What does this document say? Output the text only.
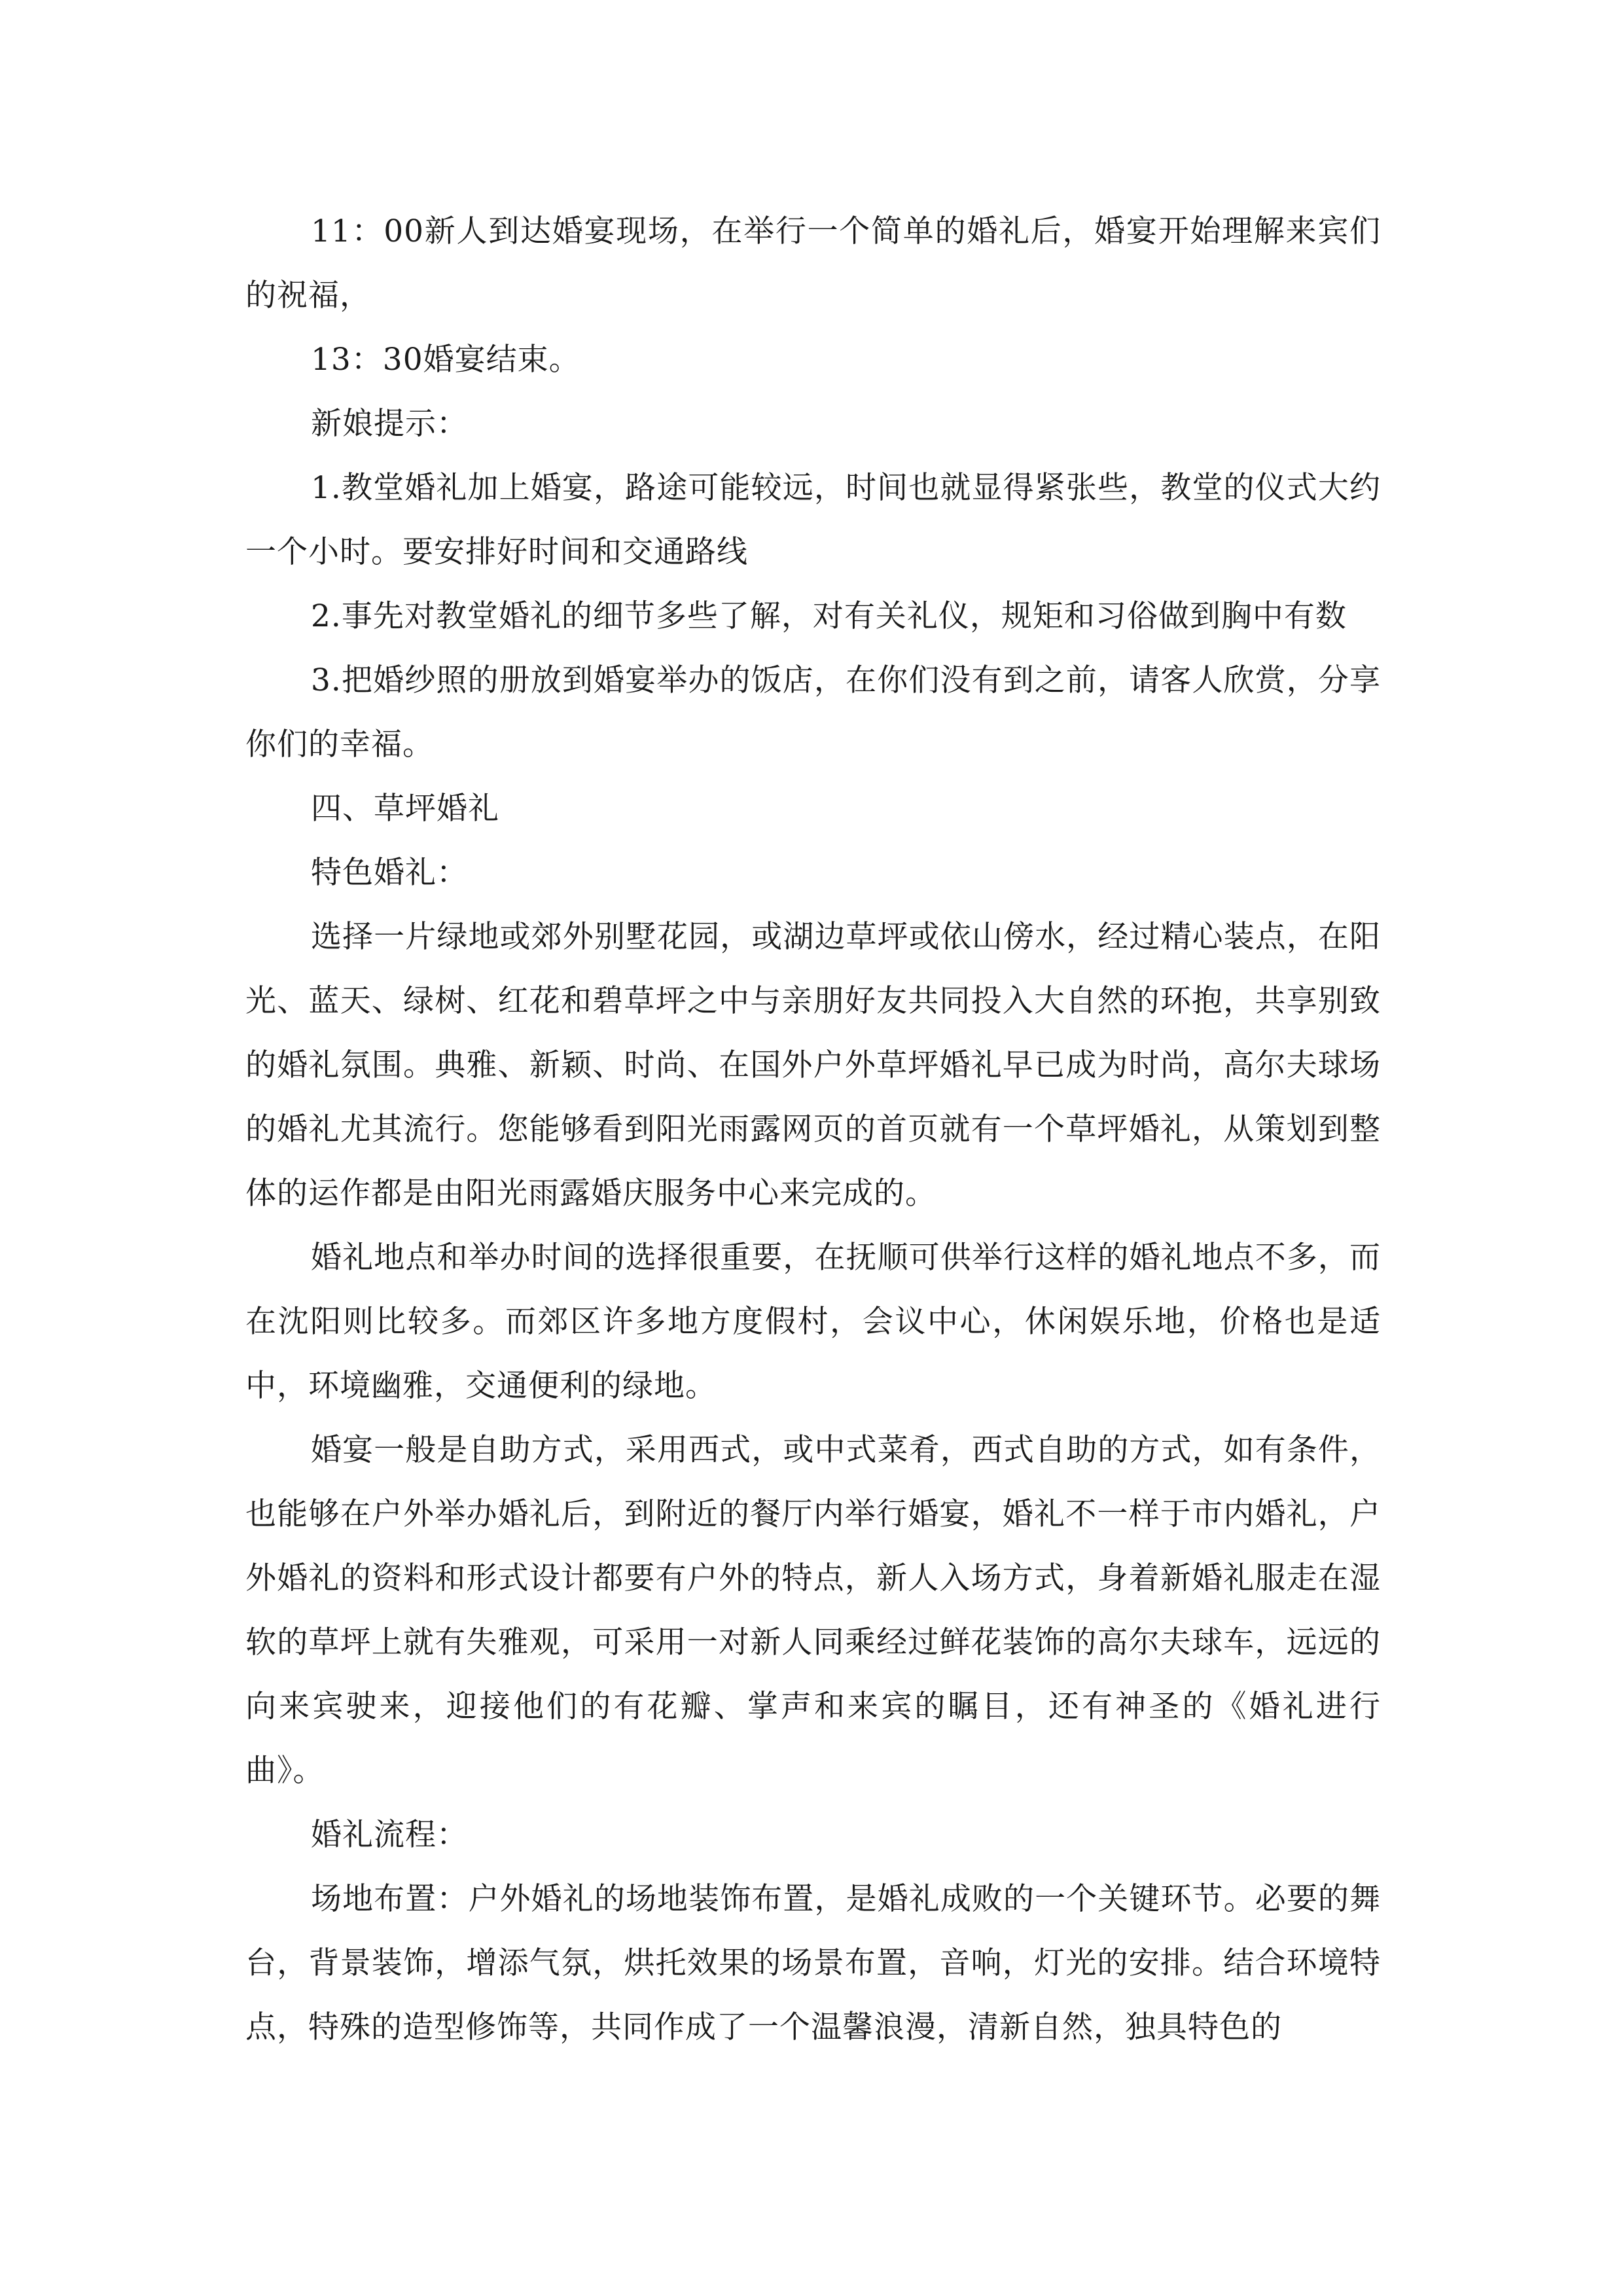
11：00新人到达婚宴现场，在举行一个简单的婚礼后，婚宴开始理解来宾们的祝福，

13：30婚宴结束。

新娘提示：

1.教堂婚礼加上婚宴，路途可能较远，时间也就显得紧张些，教堂的仪式大约一个小时。要安排好时间和交通路线

2.事先对教堂婚礼的细节多些了解，对有关礼仪，规矩和习俗做到胸中有数

3.把婚纱照的册放到婚宴举办的饭店，在你们没有到之前，请客人欣赏，分享你们的幸福。

四、草坪婚礼

特色婚礼：

选择一片绿地或郊外别墅花园，或湖边草坪或依山傍水，经过精心装点，在阳光、蓝天、绿树、红花和碧草坪之中与亲朋好友共同投入大自然的环抱，共享别致的婚礼氛围。典雅、新颖、时尚、在国外户外草坪婚礼早已成为时尚，高尔夫球场的婚礼尤其流行。您能够看到阳光雨露网页的首页就有一个草坪婚礼，从策划到整体的运作都是由阳光雨露婚庆服务中心来完成的。

婚礼地点和举办时间的选择很重要，在抚顺可供举行这样的婚礼地点不多，而在沈阳则比较多。而郊区许多地方度假村，会议中心，休闲娱乐地，价格也是适中，环境幽雅，交通便利的绿地。

婚宴一般是自助方式，采用西式，或中式菜肴，西式自助的方式，如有条件，也能够在户外举办婚礼后，到附近的餐厅内举行婚宴，婚礼不一样于市内婚礼，户外婚礼的资料和形式设计都要有户外的特点，新人入场方式，身着新婚礼服走在湿软的草坪上就有失雅观，可采用一对新人同乘经过鲜花装饰的高尔夫球车，远远的向来宾驶来，迎接他们的有花瓣、掌声和来宾的瞩目，还有神圣的《婚礼进行曲》。

婚礼流程：

场地布置：户外婚礼的场地装饰布置，是婚礼成败的一个关键环节。必要的舞台，背景装饰，增添气氛，烘托效果的场景布置，音响，灯光的安排。结合环境特点，特殊的造型修饰等，共同作成了一个温馨浪漫，清新自然，独具特色的
